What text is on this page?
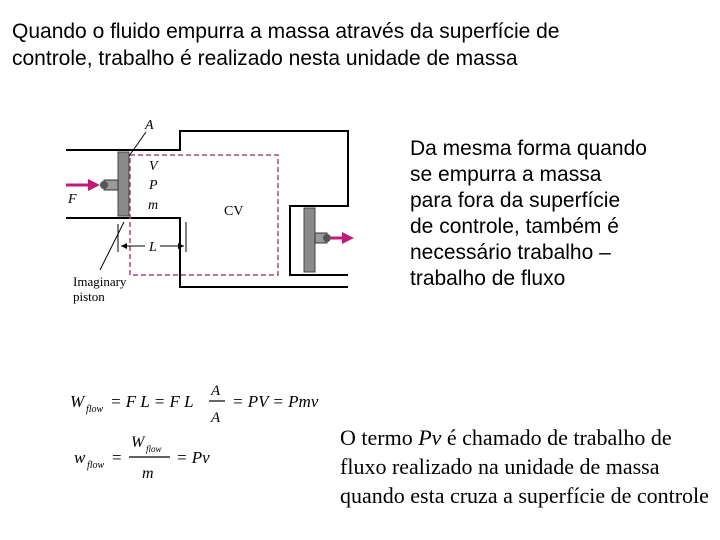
Quando o fluido empurra a massa através da superfície de
controle, trabalho é realizado nesta unidade de massa
A
V
P
m
F
CV
L
Imaginary
piston
W flow = F L = F L
A
A
= PV = Pmv
w flow =
W flow
m
= Pv
Da mesma forma quando
se empurra a massa
para fora da superfície
de controle, também é
necessário trabalho –
trabalho de fluxo
O termo Pv é chamado de trabalho de fluxo realizado na unidade de massa quando esta cruza a superfície de controle
